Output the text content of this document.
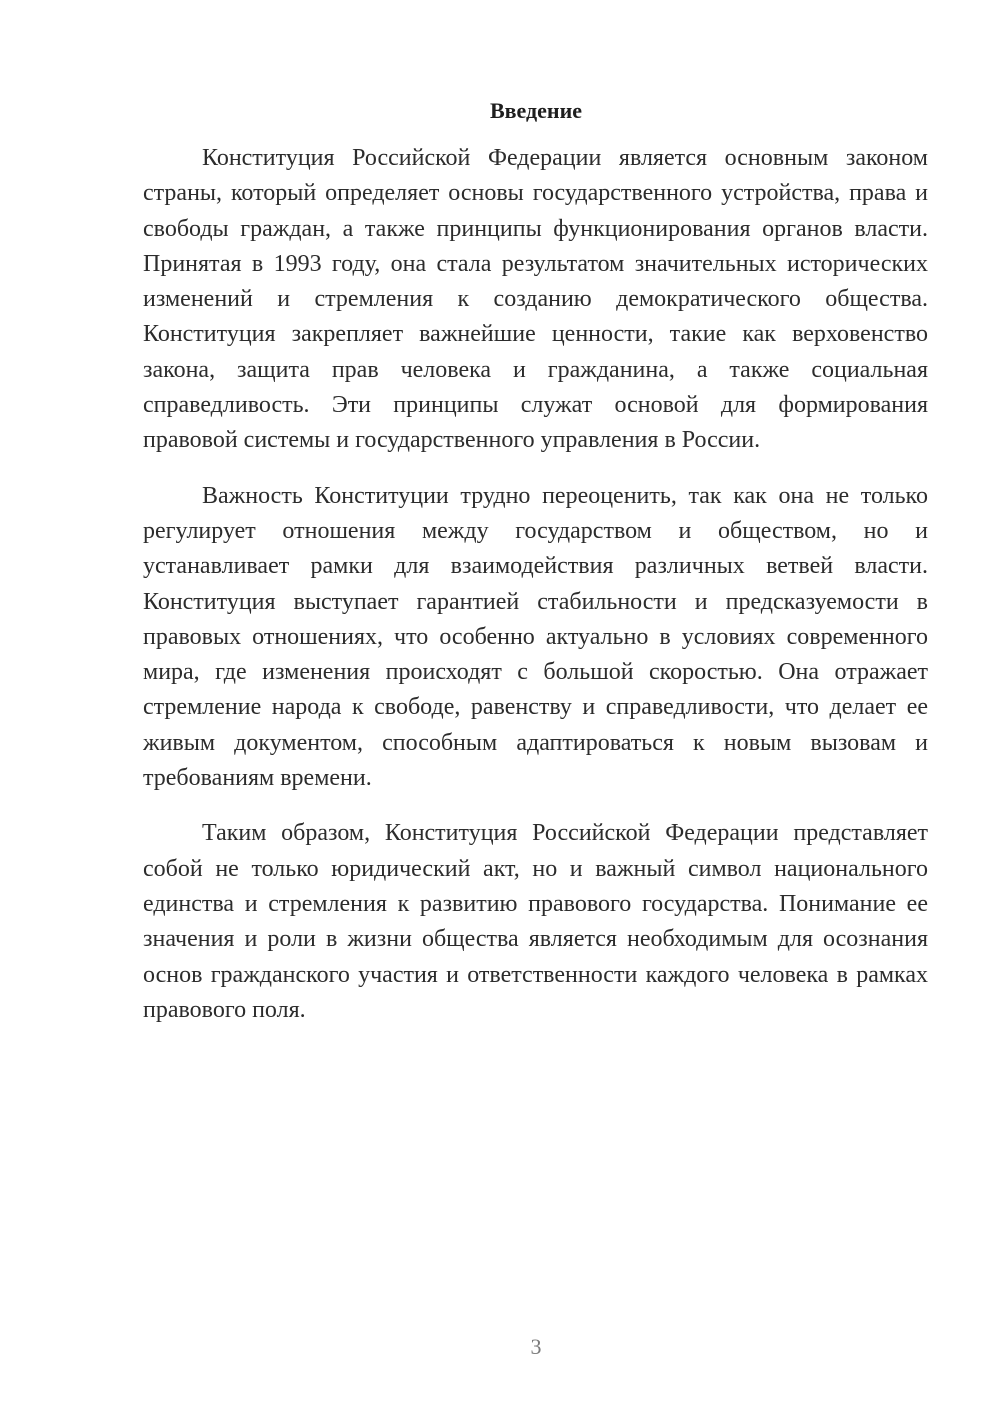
Введение

Конституция Российской Федерации является основным законом страны, который определяет основы государственного устройства, права и свободы граждан, а также принципы функционирования органов власти. Принятая в 1993 году, она стала результатом значительных исторических изменений и стремления к созданию демократического общества. Конституция закрепляет важнейшие ценности, такие как верховенство закона, защита прав человека и гражданина, а также социальная справедливость. Эти принципы служат основой для формирования правовой системы и государственного управления в России.

Важность Конституции трудно переоценить, так как она не только регулирует отношения между государством и обществом, но и устанавливает рамки для взаимодействия различных ветвей власти. Конституция выступает гарантией стабильности и предсказуемости в правовых отношениях, что особенно актуально в условиях современного мира, где изменения происходят с большой скоростью. Она отражает стремление народа к свободе, равенству и справедливости, что делает ее живым документом, способным адаптироваться к новым вызовам и требованиям времени.

Таким образом, Конституция Российской Федерации представляет собой не только юридический акт, но и важный символ национального единства и стремления к развитию правового государства. Понимание ее значения и роли в жизни общества является необходимым для осознания основ гражданского участия и ответственности каждого человека в рамках правового поля.

3
